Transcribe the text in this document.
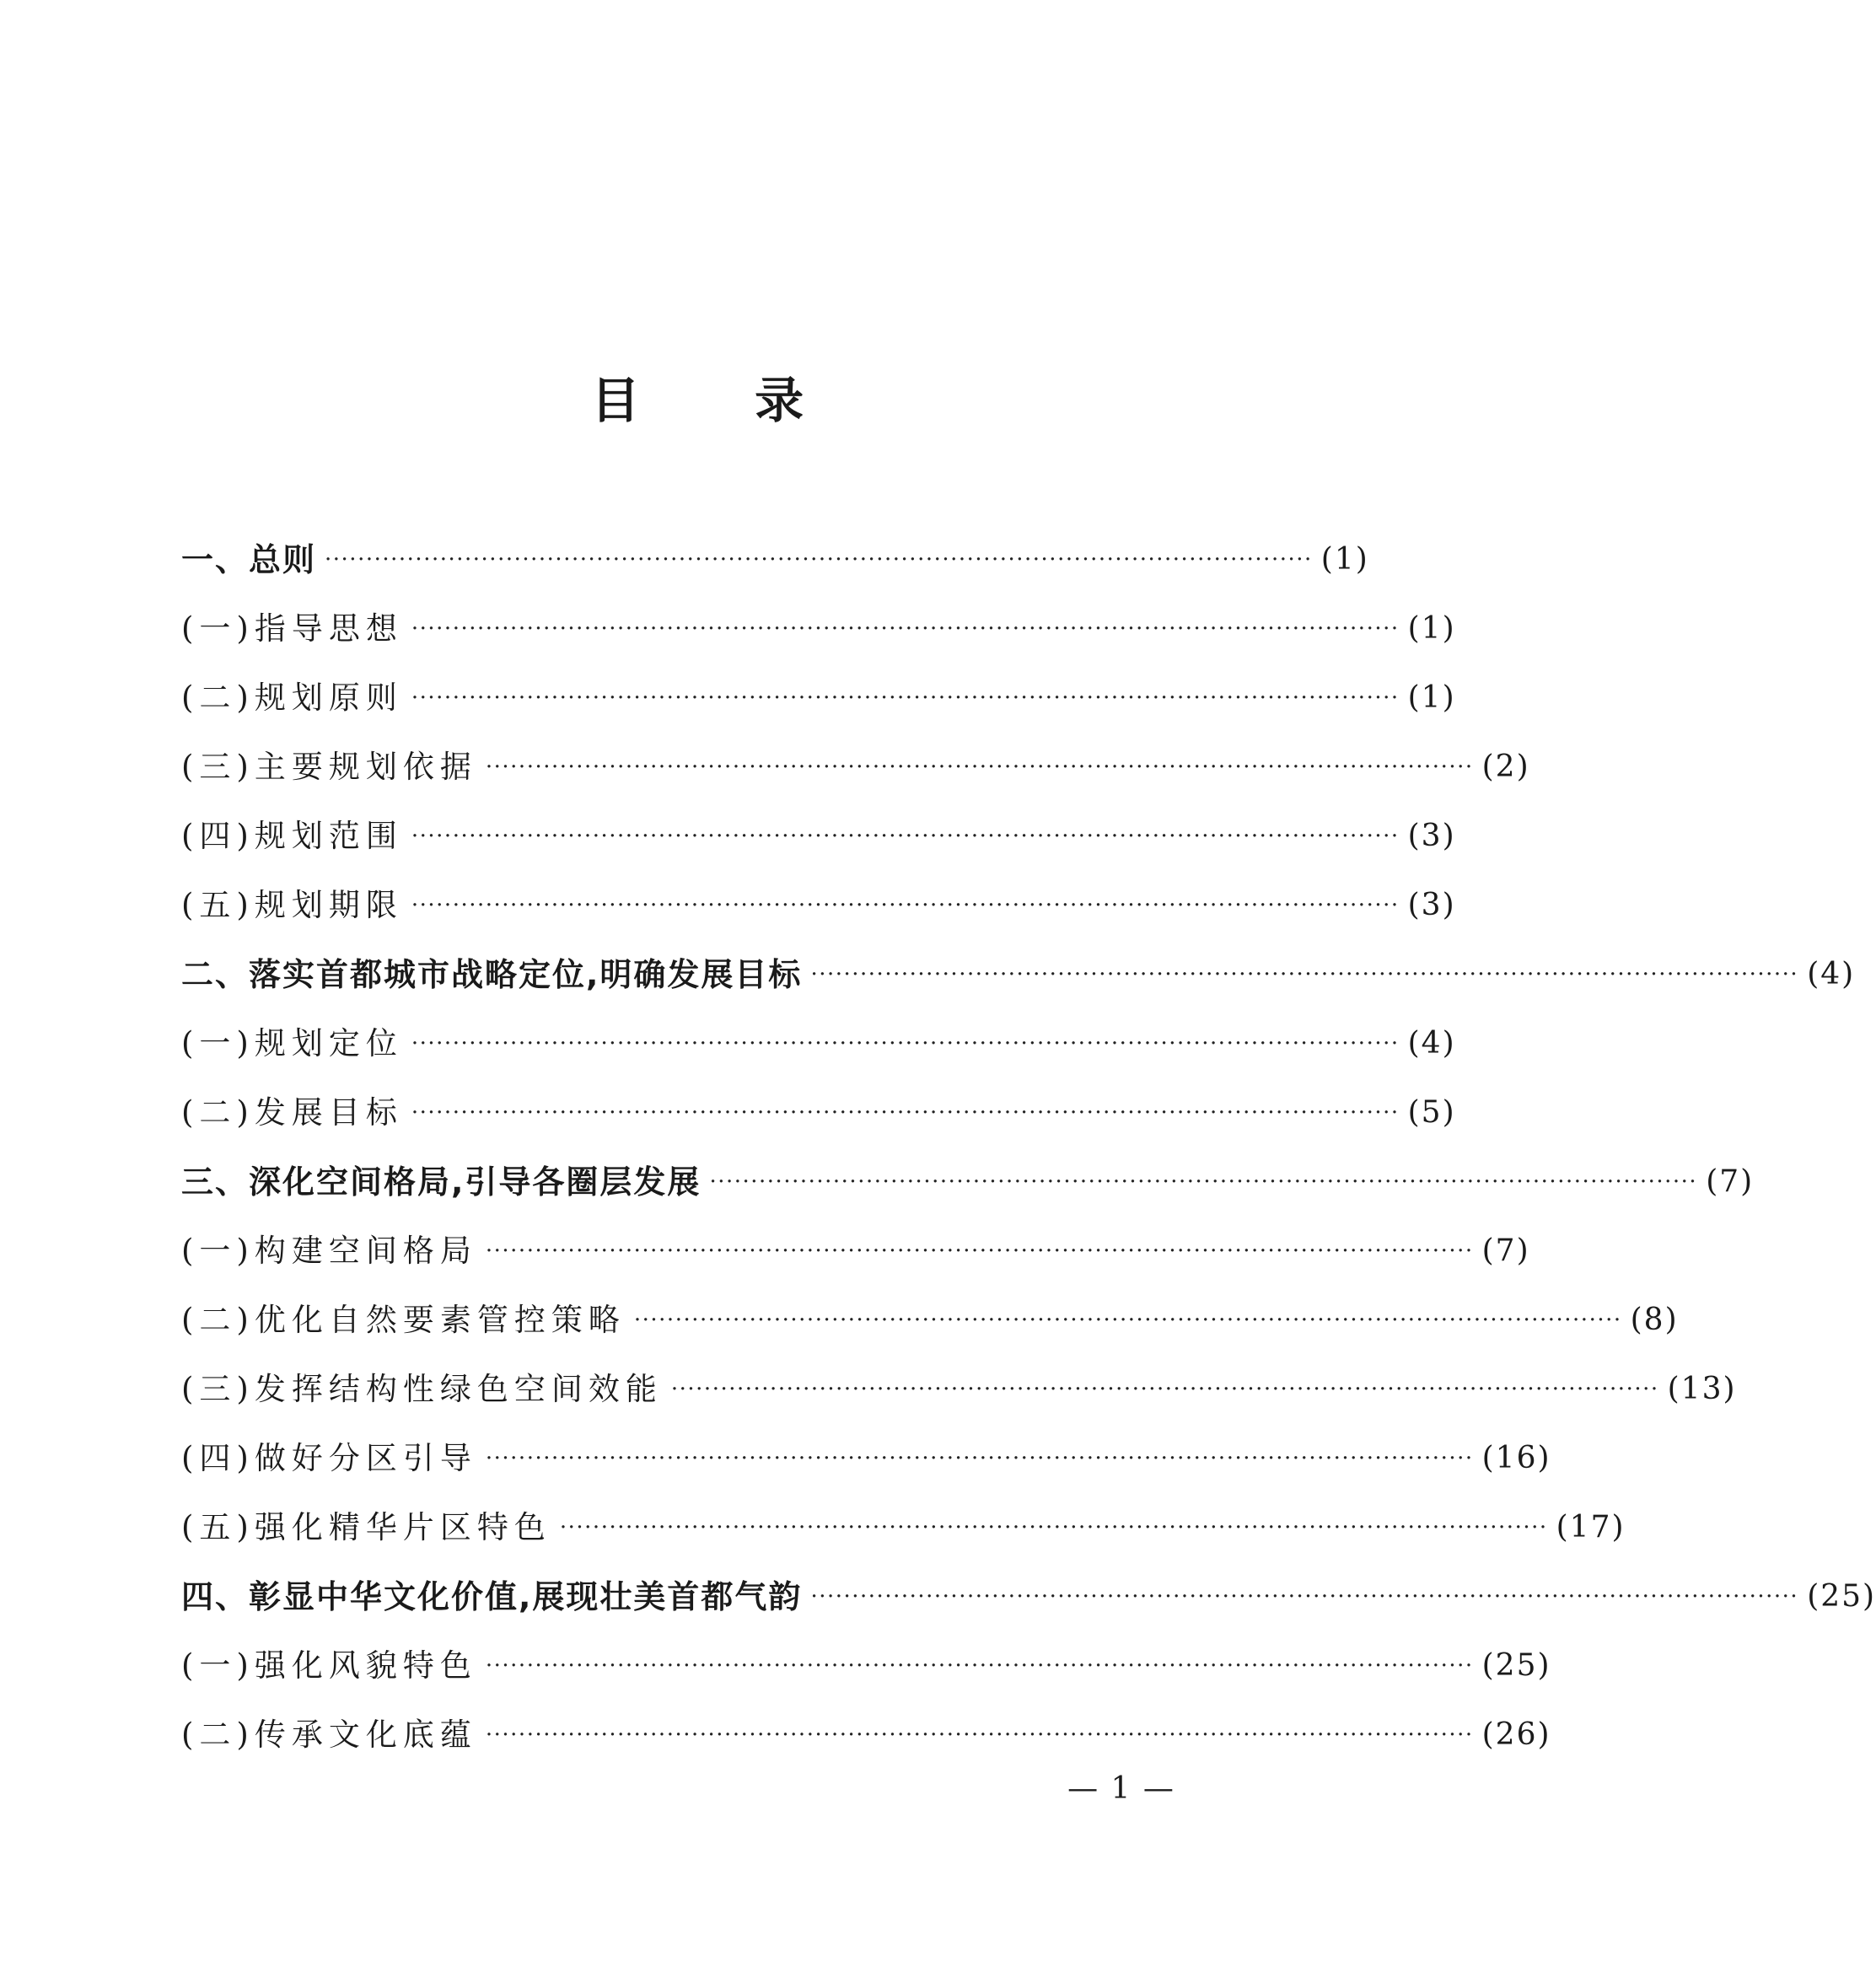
目 录
一、总则 ························································································································ (1)
(一)指导思想 ························································································································ (1)
(二)规划原则 ························································································································ (1)
(三)主要规划依据 ························································································································ (2)
(四)规划范围 ························································································································ (3)
(五)规划期限 ························································································································ (3)
二、落实首都城市战略定位,明确发展目标 ························································································································ (4)
(一)规划定位 ························································································································ (4)
(二)发展目标 ························································································································ (5)
三、深化空间格局,引导各圈层发展 ························································································································ (7)
(一)构建空间格局 ························································································································ (7)
(二)优化自然要素管控策略 ························································································································ (8)
(三)发挥结构性绿色空间效能 ························································································································ (13)
(四)做好分区引导 ························································································································ (16)
(五)强化精华片区特色 ························································································································ (17)
四、彰显中华文化价值,展现壮美首都气韵 ························································································································ (25)
(一)强化风貌特色 ························································································································ (25)
(二)传承文化底蕴 ························································································································ (26)
— 1 —
